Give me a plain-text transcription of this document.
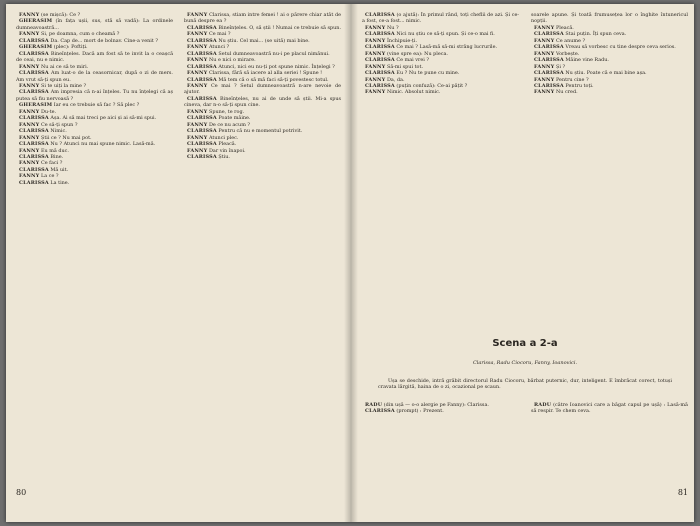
FANNY (se mișcă): Ce ?

GHERASIM (în fața ușii, sus, stă să vadă): La ordinele dumneavoastră...

FANNY Si, pe doamna, cum o cheamă ?

CLARISSA Da. Cap de... mort de bolnav. Cine-a venit ?

GHERASIM (plec): Poftiți.

CLARISSA Bineînțeles. Dacă am fost să te invit la o ceașcă de ceai, nu e nimic.

FANNY Nu ai ce să te miri.

CLARISSA Am luat-o de la ceasornicar, după o zi de mers. Am vrut să-ți spun eu.

FANNY Si te uiți la mine ?

CLARISSA Am impresia că n-ai înțeles. Tu nu înțelegi că aș putea să fiu nervoasă ?

GHERASIM Iar eu ce trebuie să fac ? Să plec ?

FANNY Du-te.

CLARISSA Așa. Ai să mai treci pe aici și ai să-mi spui.

FANNY Ce să-ți spun ?

CLARISSA Nimic.

FANNY Știi ce ? Nu mai pot.

CLARISSA Nu ? Atunci nu mai spune nimic. Lasă-mă.

FANNY Eu mă duc.

CLARISSA Bine.

FANNY Ce faci ?

CLARISSA Mă uit.

FANNY La ce ?

CLARISSA La tine.

FANNY Clarissa, stiam intre femei ! ai o părere chiar atât de bună despre ea ?

CLARISSA Bineînțeles. O, să știi ! Numai ce trebuie să spun.

FANNY Ce mai ?

CLARISSA Nu știu. Cel mai... (se uită) mai bine.

FANNY Atunci ?

CLARISSA Setul dumneavoastră nu-i pe placul nimănui.

FANNY Nu e nici o mirare.

CLARISSA Atunci, nici eu nu-ți pot spune nimic. Înțelegi ?

FANNY Clarissa, fără să iacere al alla seriei ! Spune !

CLARISSA Mă tem că o să mă faci să-ți povestesc totul.

FANNY Ce mai ? Setul dumneavoastră n-are nevoie de ajutor.

CLARISSA Bineînțeles, nu ai de unde să știi. Mi-a spus cineva, dar n-o să-ți spun cine.

FANNY Spune, te rog.

CLARISSA Poate mâine.

FANNY De ce nu acum ?

CLARISSA Pentru că nu e momentul potrivit.

FANNY Atunci plec.

CLARISSA Pleacă.

FANNY Dar vin înapoi.

CLARISSA Știu.

80

CLARISSA (o ajută): În primul rând, toți cheflii de azi. Și ce-a fost, ce-a fost... nimic.

FANNY Nu ?

CLARISSA Nici nu știu ce să-ți spun. Și ce-o mai fi.

FANNY Închipuie-ți.

CLARISSA Ce mai ? Lasă-mă să-mi strâng lucrurile.

FANNY (vine spre ea): Nu pleca.

CLARISSA Ce mai vrei ?

FANNY Să-mi spui tot.

CLARISSA Eu ? Nu te pune cu mine.

FANNY Da, da.

CLARISSA (puțin confuză): Ce-ai pățit ?

FANNY Nimic. Absolut nimic.

soarele apune. Și toată frumusețea lor o înghite întunericul nopții.

FANNY Pleacă.

CLARISSA Stai puțin. Îți spun ceva.

FANNY Ce anume ?

CLARISSA Vreau să vorbesc cu tine despre ceva serios.

FANNY Vorbește.

CLARISSA Mâine vine Radu.

FANNY Și ?

CLARISSA Nu știu. Poate că e mai bine așa.

FANNY Pentru cine ?

CLARISSA Pentru toți.

FANNY Nu cred.

Scena a 2-a
Clarissa, Radu Ciocoru, Fanny, Ioanovici.
Ușa se deschide, intră grăbit directorul Radu Ciocoru, bărbat puternic, dur, inteligent. E îmbrăcat corect, totuși cravata lărgită, haina de o zi, ocazional pe scaun.

RADU (din ușă — o-o alergie pe Fanny): Clarissa.

CLARISSA (prompt) : Prezent.

RADU (către Ioanovici care a băgat capul pe ușă) : Lasă-mă să respir. Te chem ceva.

81
